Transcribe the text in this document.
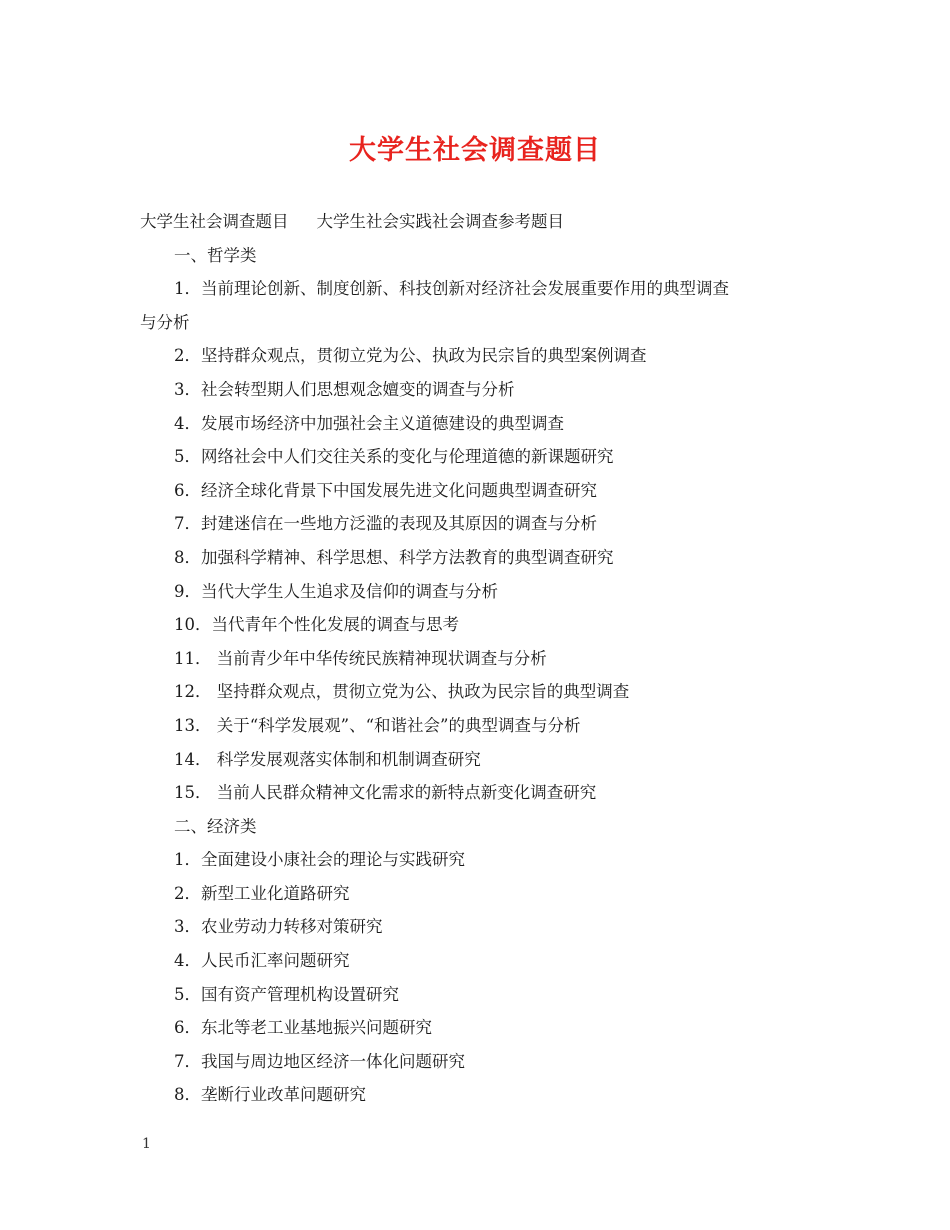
大学生社会调查题目
大学生社会调查题目 大学生社会实践社会调查参考题目
一、哲学类
1．当前理论创新、制度创新、科技创新对经济社会发展重要作用的典型调查
与分析
2．坚持群众观点，贯彻立党为公、执政为民宗旨的典型案例调查
3．社会转型期人们思想观念嬗变的调查与分析
4．发展市场经济中加强社会主义道德建设的典型调查
5．网络社会中人们交往关系的变化与伦理道德的新课题研究
6．经济全球化背景下中国发展先进文化问题典型调查研究
7．封建迷信在一些地方泛滥的表现及其原因的调查与分析
8．加强科学精神、科学思想、科学方法教育的典型调查研究
9．当代大学生人生追求及信仰的调查与分析
10．当代青年个性化发展的调查与思考
11． 当前青少年中华传统民族精神现状调查与分析
12． 坚持群众观点，贯彻立党为公、执政为民宗旨的典型调查
13． 关于“科学发展观”、“和谐社会”的典型调查与分析
14． 科学发展观落实体制和机制调查研究
15． 当前人民群众精神文化需求的新特点新变化调查研究
二、经济类
1．全面建设小康社会的理论与实践研究
2．新型工业化道路研究
3．农业劳动力转移对策研究
4．人民币汇率问题研究
5．国有资产管理机构设置研究
6．东北等老工业基地振兴问题研究
7．我国与周边地区经济一体化问题研究
8．垄断行业改革问题研究
1
